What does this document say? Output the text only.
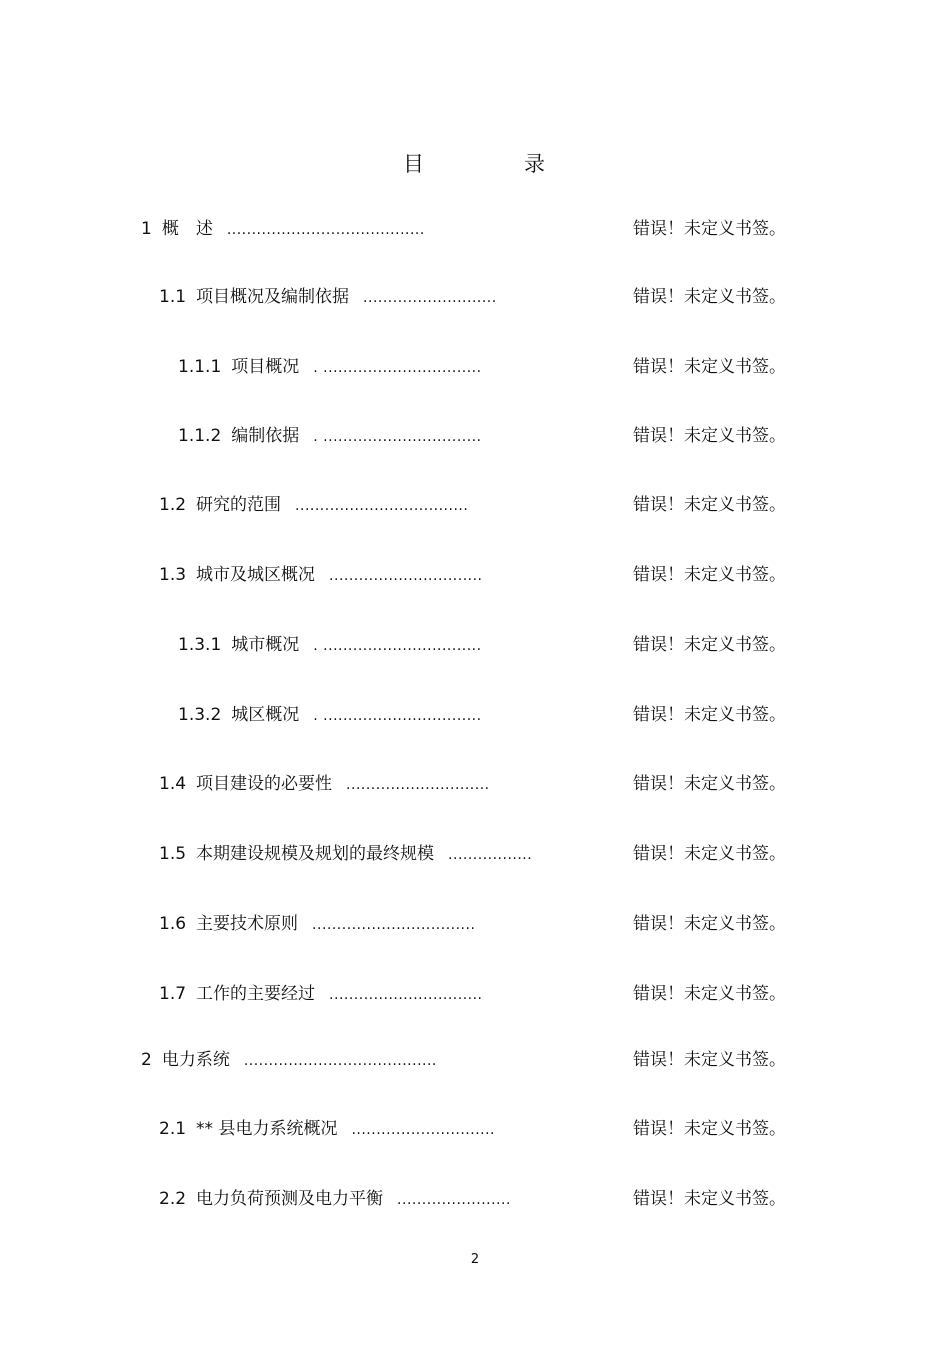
目	录
1 概　述 ........................................	错误！未定义书签。
1.1 项目概况及编制依据 ...........................	错误！未定义书签。
1.1.1 项目概况 . ................................	错误！未定义书签。
1.1.2 编制依据 . ................................	错误！未定义书签。
1.2 研究的范围 ...................................	错误！未定义书签。
1.3 城市及城区概况 ...............................	错误！未定义书签。
1.3.1 城市概况 . ................................	错误！未定义书签。
1.3.2 城区概况 . ................................	错误！未定义书签。
1.4 项目建设的必要性 .............................	错误！未定义书签。
1.5 本期建设规模及规划的最终规模 .................	错误！未定义书签。
1.6 主要技术原则 .................................	错误！未定义书签。
1.7 工作的主要经过 ...............................	错误！未定义书签。
2 电力系统 .......................................	错误！未定义书签。
2.1 ** 县电力系统概况 .............................	错误！未定义书签。
2.2 电力负荷预测及电力平衡 .......................	错误！未定义书签。
2
